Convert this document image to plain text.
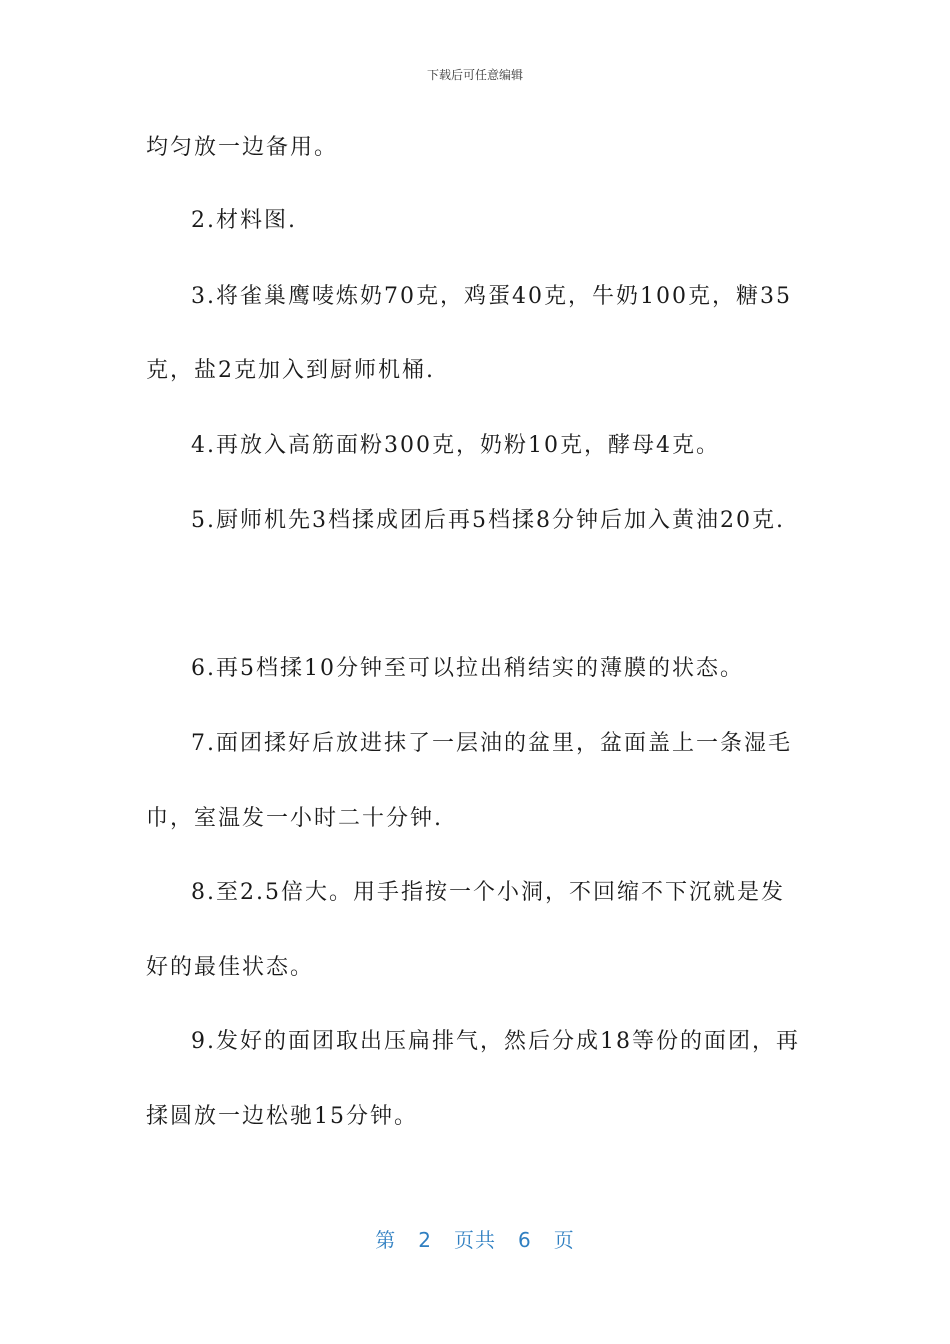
下载后可任意编辑
均匀放一边备用。
2.材料图.
3.将雀巢鹰唛炼奶70克，鸡蛋40克，牛奶100克，糖35
克，盐2克加入到厨师机桶.
4.再放入高筋面粉300克，奶粉10克，酵母4克。
5.厨师机先3档揉成团后再5档揉8分钟后加入黄油20克.
6.再5档揉10分钟至可以拉出稍结实的薄膜的状态。
7.面团揉好后放进抹了一层油的盆里，盆面盖上一条湿毛
巾，室温发一小时二十分钟.
8.至2.5倍大。用手指按一个小洞，不回缩不下沉就是发
好的最佳状态。
9.发好的面团取出压扁排气，然后分成18等份的面团，再
揉圆放一边松驰15分钟。
第 2 页共 6 页
